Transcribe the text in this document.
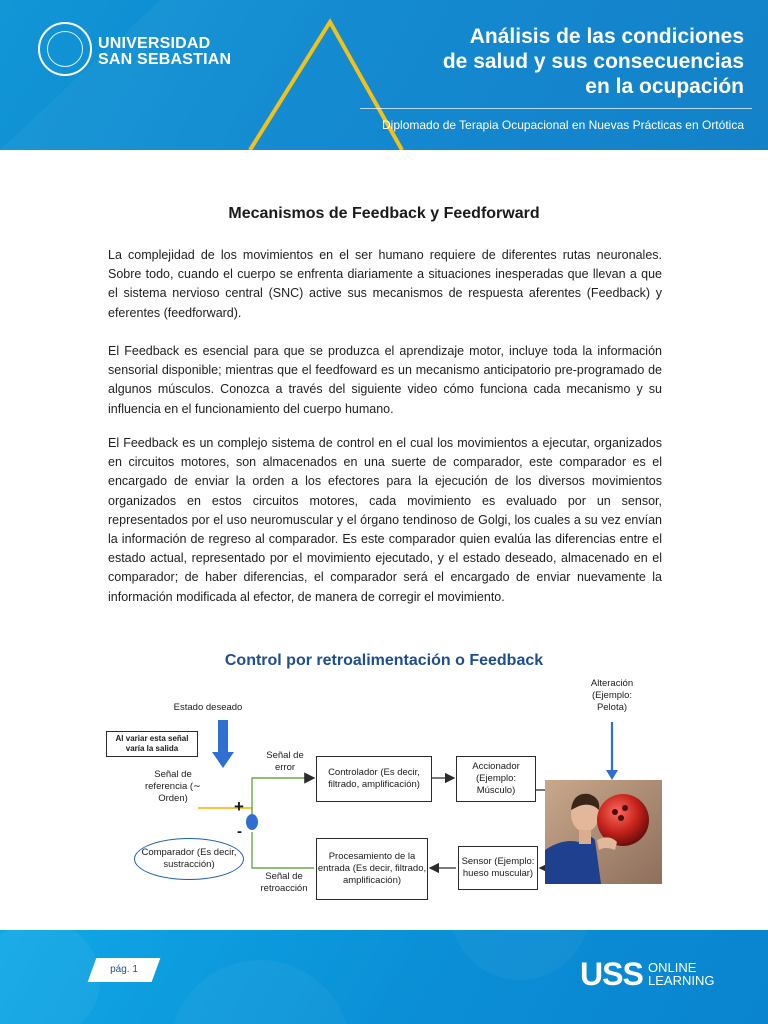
UNIVERSIDAD
SAN SEBASTIAN
Análisis de las condiciones
de salud y sus consecuencias
en la ocupación
Diplomado de Terapia Ocupacional en Nuevas Prácticas en Ortótica
Mecanismos de Feedback y Feedforward

La complejidad de los movimientos en el ser humano requiere de diferentes rutas neuronales. Sobre todo, cuando el cuerpo se enfrenta diariamente a situaciones inesperadas que llevan a que el sistema nervioso central (SNC) active sus mecanismos de respuesta aferentes (Feedback) y eferentes (feedforward).

El Feedback es esencial para que se produzca el aprendizaje motor, incluye toda la información sensorial disponible; mientras que el feedfoward es un mecanismo anticipatorio pre-programado de algunos músculos. Conozca a través del siguiente video cómo funciona cada mecanismo y su influencia en el funcionamiento del cuerpo humano.

El Feedback es un complejo sistema de control en el cual los movimientos a ejecutar, organizados en circuitos motores, son almacenados en una suerte de comparador, este comparador es el encargado de enviar la orden a los efectores para la ejecución de los diversos movimientos organizados en estos circuitos motores, cada movimiento es evaluado por un sensor, representados por el uso neuromuscular y el órgano tendinoso de Golgi, los cuales a su vez envían la información de regreso al comparador. Es este comparador quien evalúa las diferencias entre el estado actual, representado por el movimiento ejecutado, y el estado deseado, almacenado en el comparador; de haber diferencias, el comparador será el encargado de enviar nuevamente la información modificada al efector, de manera de corregir el movimiento.

Control por retroalimentación o Feedback
Estado deseado
Al variar esta señal varía la salida
Señal de referencia (∼ Orden)
Señal de error
+
-
Comparador (Es decir, sustracción)
Señal de retroacción
Controlador (Es decir, filtrado, amplificación)
Accionador (Ejemplo: Músculo)
Procesamiento de la entrada (Es decir, filtrado, amplificación)
Sensor (Ejemplo: hueso muscular)
Alteración (Ejemplo: Pelota)
pág. 1	USS ONLINE
LEARNING
